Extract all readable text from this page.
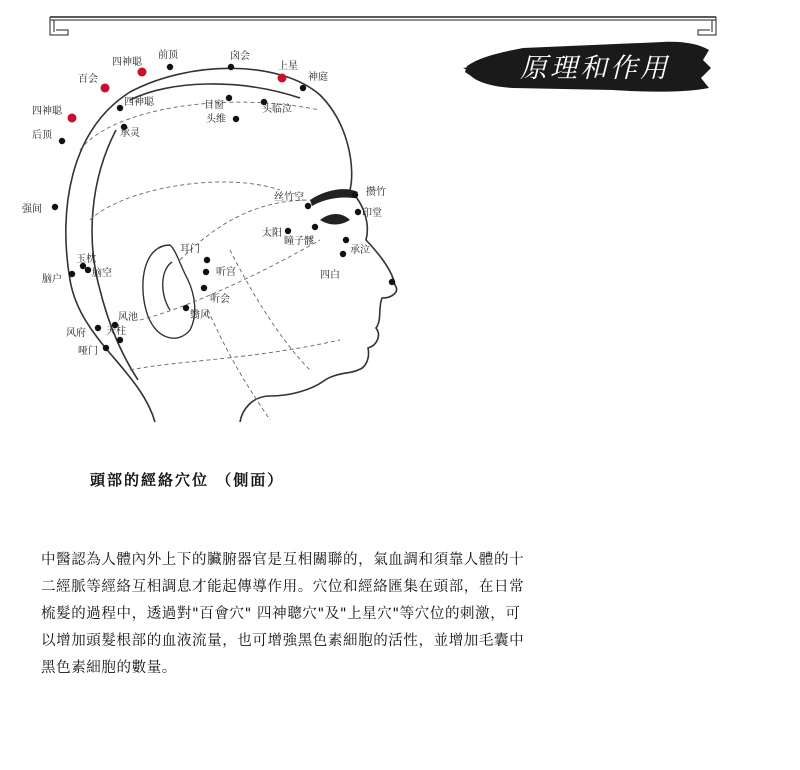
原理和作用
四神聪
前顶	囟会
上星
神庭
百会
四神聪
四神聪
后顶	承灵
目窗	头临泣
头维
强间
丝竹空	攒竹
印堂
太阳
瞳子髎
承泣
四白
耳门
听宫
听会
玉枕
脑户
脑空
风池	翳风
风府 天柱
哑门
頭部的經絡穴位 （側面）
中醫認為人體內外上下的臟腑器官是互相關聯的，氣血調和須靠人體的十
二經脈等經絡互相調息才能起傳導作用。穴位和經絡匯集在頭部，在日常
梳髮的過程中，透過對"百會穴" 四神聰穴"及"上星穴"等穴位的刺激，可
以增加頭髮根部的血液流量，也可增強黑色素細胞的活性，並增加毛囊中
黑色素細胞的數量。
